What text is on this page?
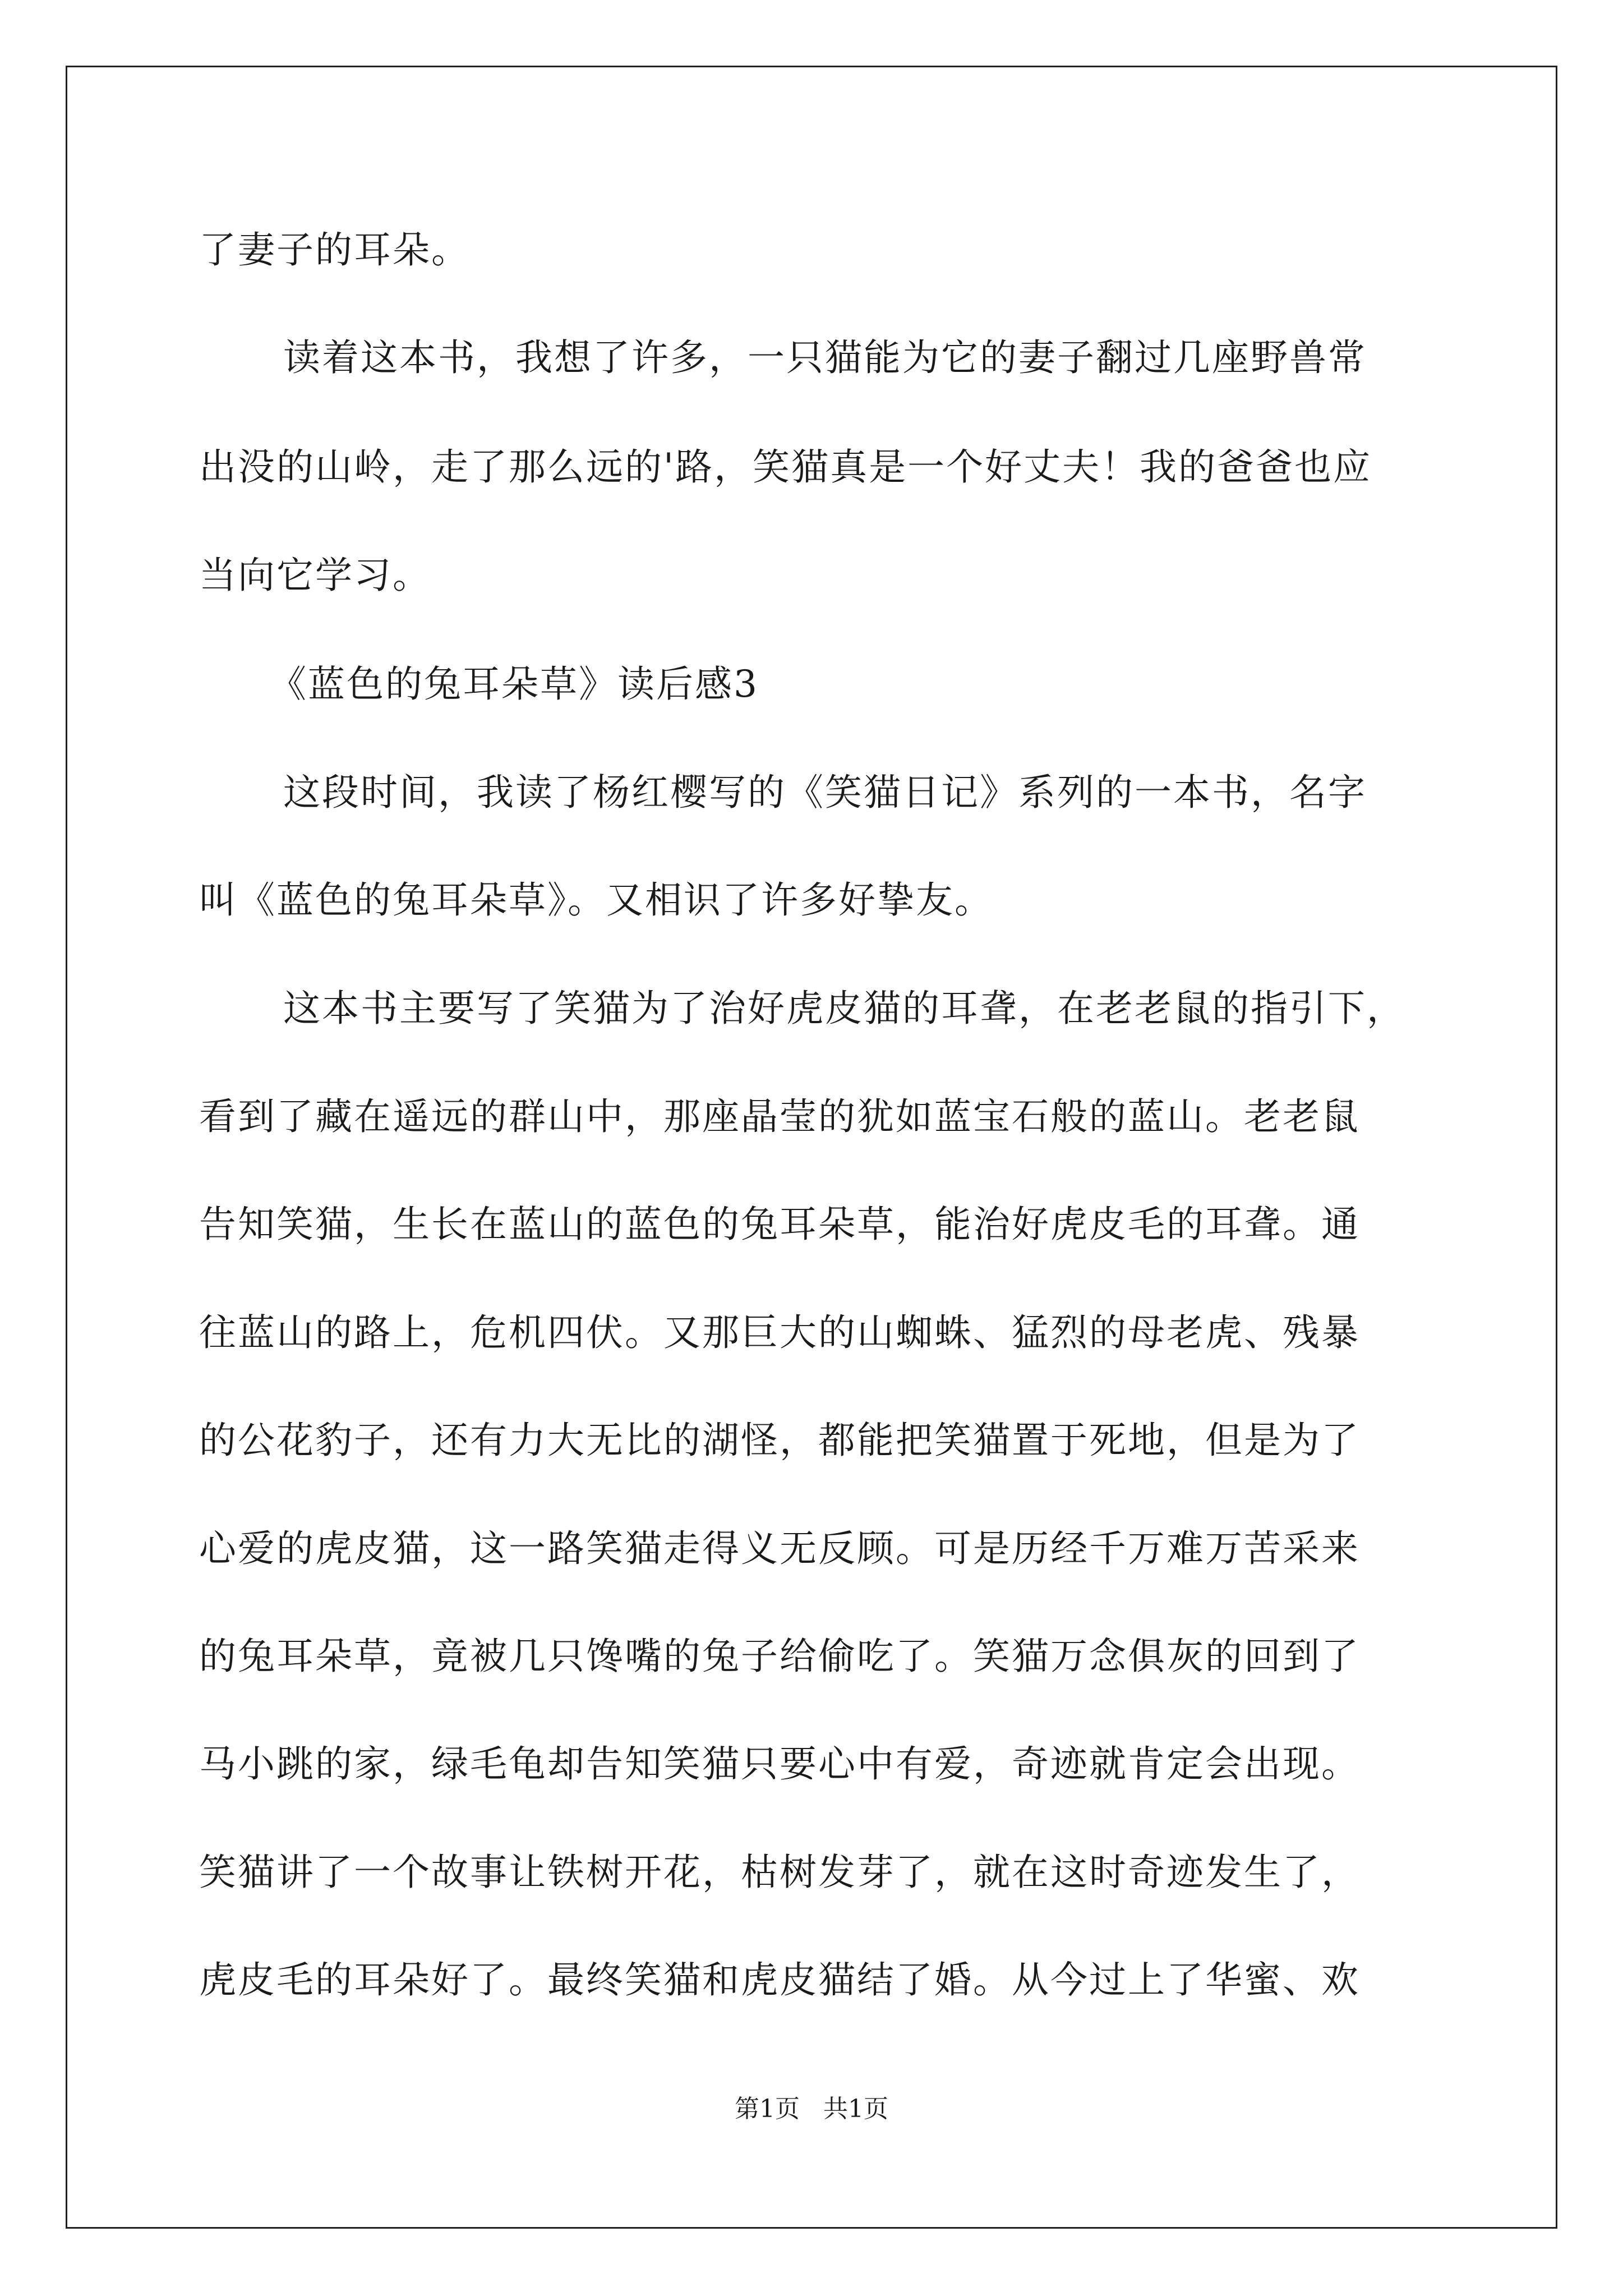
了妻子的耳朵。
读着这本书，我想了许多，一只猫能为它的妻子翻过几座野兽常
出没的山岭，走了那么远的'路，笑猫真是一个好丈夫！我的爸爸也应
当向它学习。
《蓝色的兔耳朵草》读后感3
这段时间，我读了杨红樱写的《笑猫日记》系列的一本书，名字
叫《蓝色的兔耳朵草》。又相识了许多好挚友。
这本书主要写了笑猫为了治好虎皮猫的耳聋，在老老鼠的指引下，
看到了藏在遥远的群山中，那座晶莹的犹如蓝宝石般的蓝山。老老鼠
告知笑猫，生长在蓝山的蓝色的兔耳朵草，能治好虎皮毛的耳聋。通
往蓝山的路上，危机四伏。又那巨大的山蜘蛛、猛烈的母老虎、残暴
的公花豹子，还有力大无比的湖怪，都能把笑猫置于死地，但是为了
心爱的虎皮猫，这一路笑猫走得义无反顾。可是历经千万难万苦采来
的兔耳朵草，竟被几只馋嘴的兔子给偷吃了。笑猫万念俱灰的回到了
马小跳的家，绿毛龟却告知笑猫只要心中有爱，奇迹就肯定会出现。
笑猫讲了一个故事让铁树开花，枯树发芽了，就在这时奇迹发生了，
虎皮毛的耳朵好了。最终笑猫和虎皮猫结了婚。从今过上了华蜜、欢
第1页   共1页
